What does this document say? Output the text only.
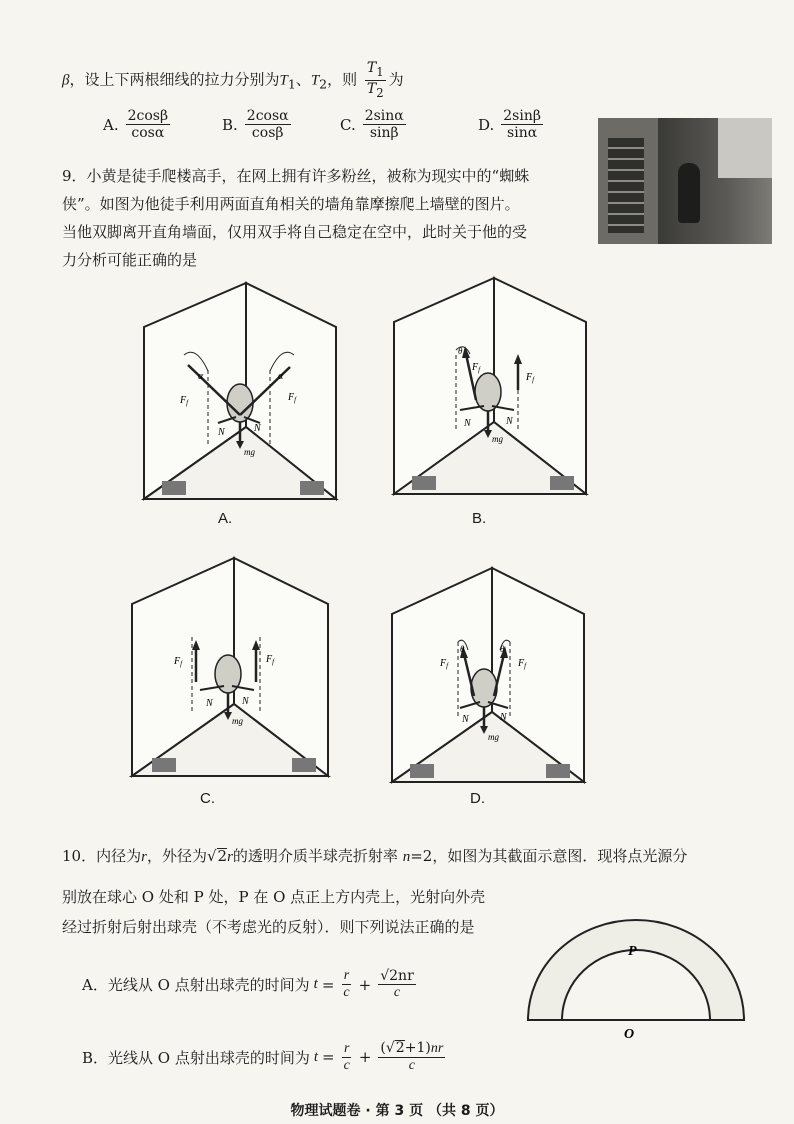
β，设上下两根细线的拉力分别为$T_1$、$T_2$，则 $\frac{T_1}{T_2}$ 为
A. $\frac{2\cos\beta}{\cos\alpha}$	B. $\frac{2\cos\alpha}{\cos\beta}$	C. $\frac{2\sin\alpha}{\sin\beta}$	D. $\frac{2\sin\beta}{\sin\alpha}$
9．小黄是徒手爬楼高手，在网上拥有许多粉丝，被称为现实中的“蜘蛛
侠”。如图为他徒手利用两面直角相关的墙角靠摩擦爬上墙壁的图片。
当他双脚离开直角墙面，仅用双手将自己稳定在空中，此时关于他的受
力分析可能正确的是
$F_f$	$F_f$
α	α
N	N
mg
A.
θ
$F_f$
$F_f$
N	N
mg
B.
$F_f$	$F_f$
N	N
mg
C.
θ	θ
$F_f$	$F_f$
N	N
mg
D.
10．内径为r，外径为√2r的透明介质半球壳折射率 n=2，如图为其截面示意图．现将点光源分
别放在球心 O 处和 P 处，P 在 O 点正上方内壳上，光射向外壳
经过折射后射出球壳（不考虑光的反射）．则下列说法正确的是
A．光线从 O 点射出球壳的时间为 $t = \frac{r}{c} + \frac{√2nr}{c}$
B．光线从 O 点射出球壳的时间为 $t = \frac{r}{c} + \frac{(√2+1)nr}{c}$
P
O
物理试题卷 · 第 3 页 （共 8 页）
